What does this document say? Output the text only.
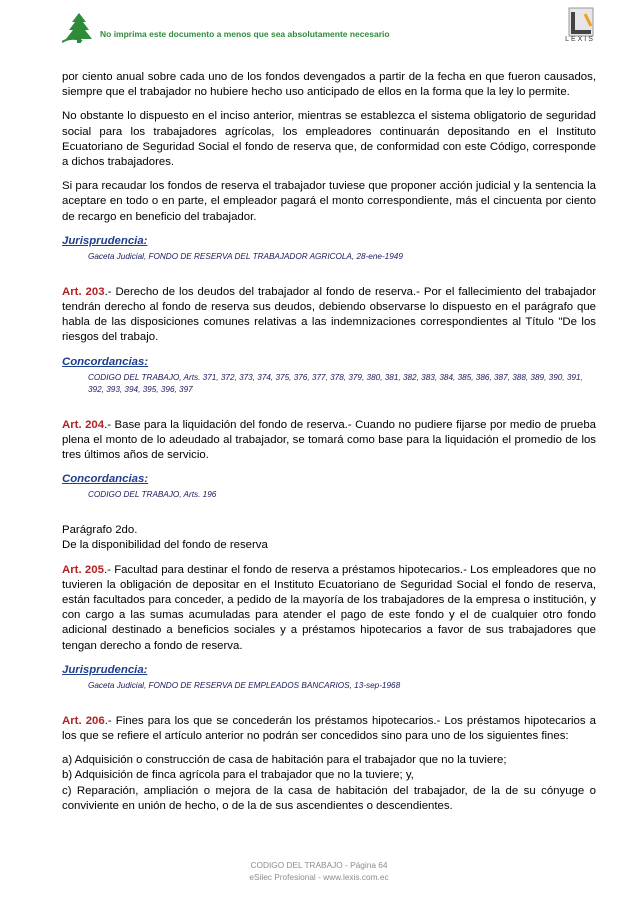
No imprima este documento a menos que sea absolutamente necesario
LEXIS

por ciento anual sobre cada uno de los fondos devengados a partir de la fecha en que fueron causados, siempre que el trabajador no hubiere hecho uso anticipado de ellos en la forma que la ley lo permite.

No obstante lo dispuesto en el inciso anterior, mientras se establezca el sistema obligatorio de seguridad social para los trabajadores agrícolas, los empleadores continuarán depositando en el Instituto Ecuatoriano de Seguridad Social el fondo de reserva que, de conformidad con este Código, corresponde a dichos trabajadores.

Si para recaudar los fondos de reserva el trabajador tuviese que proponer acción judicial y la sentencia la aceptare en todo o en parte, el empleador pagará el monto correspondiente, más el cincuenta por ciento de recargo en beneficio del trabajador.

Jurisprudencia:
Gaceta Judicial, FONDO DE RESERVA DEL TRABAJADOR AGRICOLA, 28-ene-1949

Art. 203.- Derecho de los deudos del trabajador al fondo de reserva.- Por el fallecimiento del trabajador tendrán derecho al fondo de reserva sus deudos, debiendo observarse lo dispuesto en el parágrafo que habla de las disposiciones comunes relativas a las indemnizaciones correspondientes al Título "De los riesgos del trabajo.

Concordancias:
CODIGO DEL TRABAJO, Arts. 371, 372, 373, 374, 375, 376, 377, 378, 379, 380, 381, 382, 383, 384, 385, 386, 387, 388, 389, 390, 391, 392, 393, 394, 395, 396, 397

Art. 204.- Base para la liquidación del fondo de reserva.- Cuando no pudiere fijarse por medio de prueba plena el monto de lo adeudado al trabajador, se tomará como base para la liquidación el promedio de los tres últimos años de servicio.

Concordancias:
CODIGO DEL TRABAJO, Arts. 196

Parágrafo 2do.

De la disponibilidad del fondo de reserva

Art. 205.- Facultad para destinar el fondo de reserva a préstamos hipotecarios.- Los empleadores que no tuvieren la obligación de depositar en el Instituto Ecuatoriano de Seguridad Social el fondo de reserva, están facultados para conceder, a pedido de la mayoría de los trabajadores de la empresa o institución, y con cargo a las sumas acumuladas para atender el pago de este fondo y el de cualquier otro fondo adicional destinado a beneficios sociales y a préstamos hipotecarios a favor de sus trabajadores que tengan derecho a fondo de reserva.

Jurisprudencia:
Gaceta Judicial, FONDO DE RESERVA DE EMPLEADOS BANCARIOS, 13-sep-1968

Art. 206.- Fines para los que se concederán los préstamos hipotecarios.- Los préstamos hipotecarios a los que se refiere el artículo anterior no podrán ser concedidos sino para uno de los siguientes fines:

a) Adquisición o construcción de casa de habitación para el trabajador que no la tuviere;

b) Adquisición de finca agrícola para el trabajador que no la tuviere; y,

c) Reparación, ampliación o mejora de la casa de habitación del trabajador, de la de su cónyuge o conviviente en unión de hecho, o de la de sus ascendientes o descendientes.

CODIGO DEL TRABAJO - Página 64
eSilec Profesional - www.lexis.com.ec
